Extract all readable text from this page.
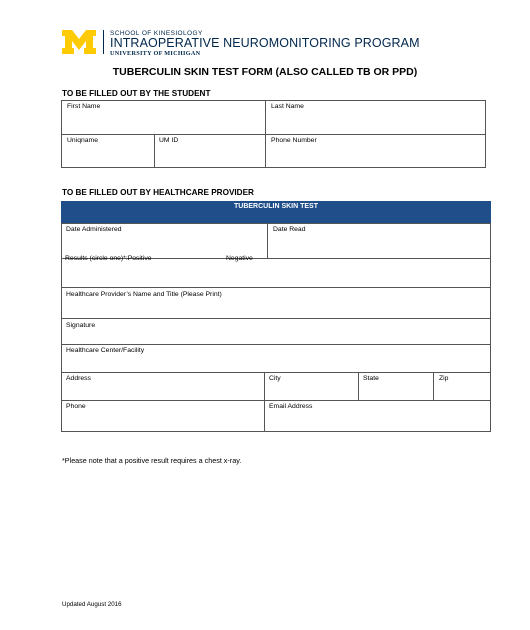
SCHOOL OF KINESIOLOGY
INTRAOPERATIVE NEUROMONITORING PROGRAM
UNIVERSITY OF MICHIGAN
TUBERCULIN SKIN TEST FORM (ALSO CALLED TB OR PPD)
TO BE FILLED OUT BY THE STUDENT
First Name	Last Name
Uniqname	UM ID	Phone Number
TO BE FILLED OUT BY HEALTHCARE PROVIDER
TUBERCULIN SKIN TEST
Date Administered	Date Read
Results (circle one)*:Positive	Negative
Healthcare Provider’s Name and Title (Please Print)
Signature
Healthcare Center/Facility
Address	City	State	Zip
Phone	Email Address
*Please note that a positive result requires a chest x-ray.
Updated August 2016
